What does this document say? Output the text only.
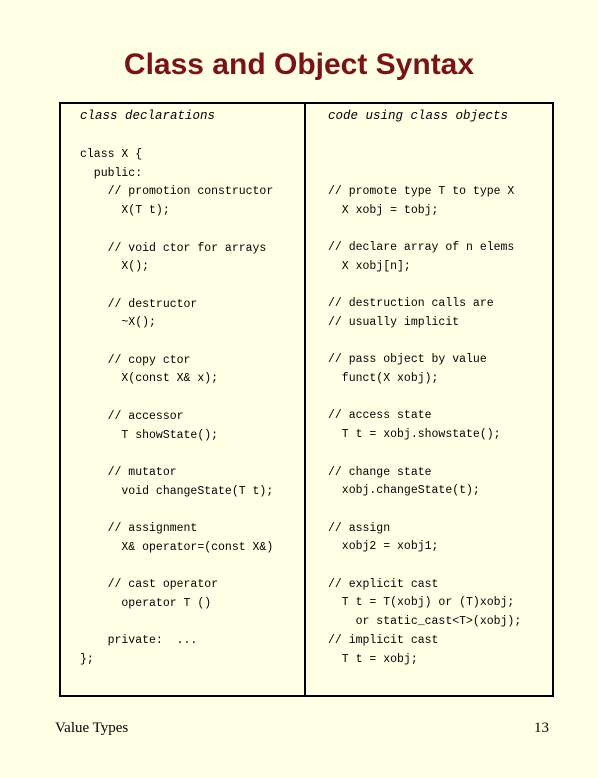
Class and Object Syntax
class declarations	code using class objects
class X {
public:
// promotion constructor
X(T t);

// void ctor for arrays
X();

// destructor
~X();

// copy ctor
X(const X& x);

// accessor
T showState();

// mutator
void changeState(T t);

// assignment
X& operator=(const X&)

// cast operator
operator T ()

private:  ...
};
// promote type T to type X
X xobj = tobj;

// declare array of n elems
X xobj[n];

// destruction calls are
// usually implicit

// pass object by value
funct(X xobj);

// access state
T t = xobj.showstate();

// change state
xobj.changeState(t);

// assign
xobj2 = xobj1;

// explicit cast
T t = T(xobj) or (T)xobj;
or static_cast<T>(xobj);
// implicit cast
T t = xobj;
Value Types	13
